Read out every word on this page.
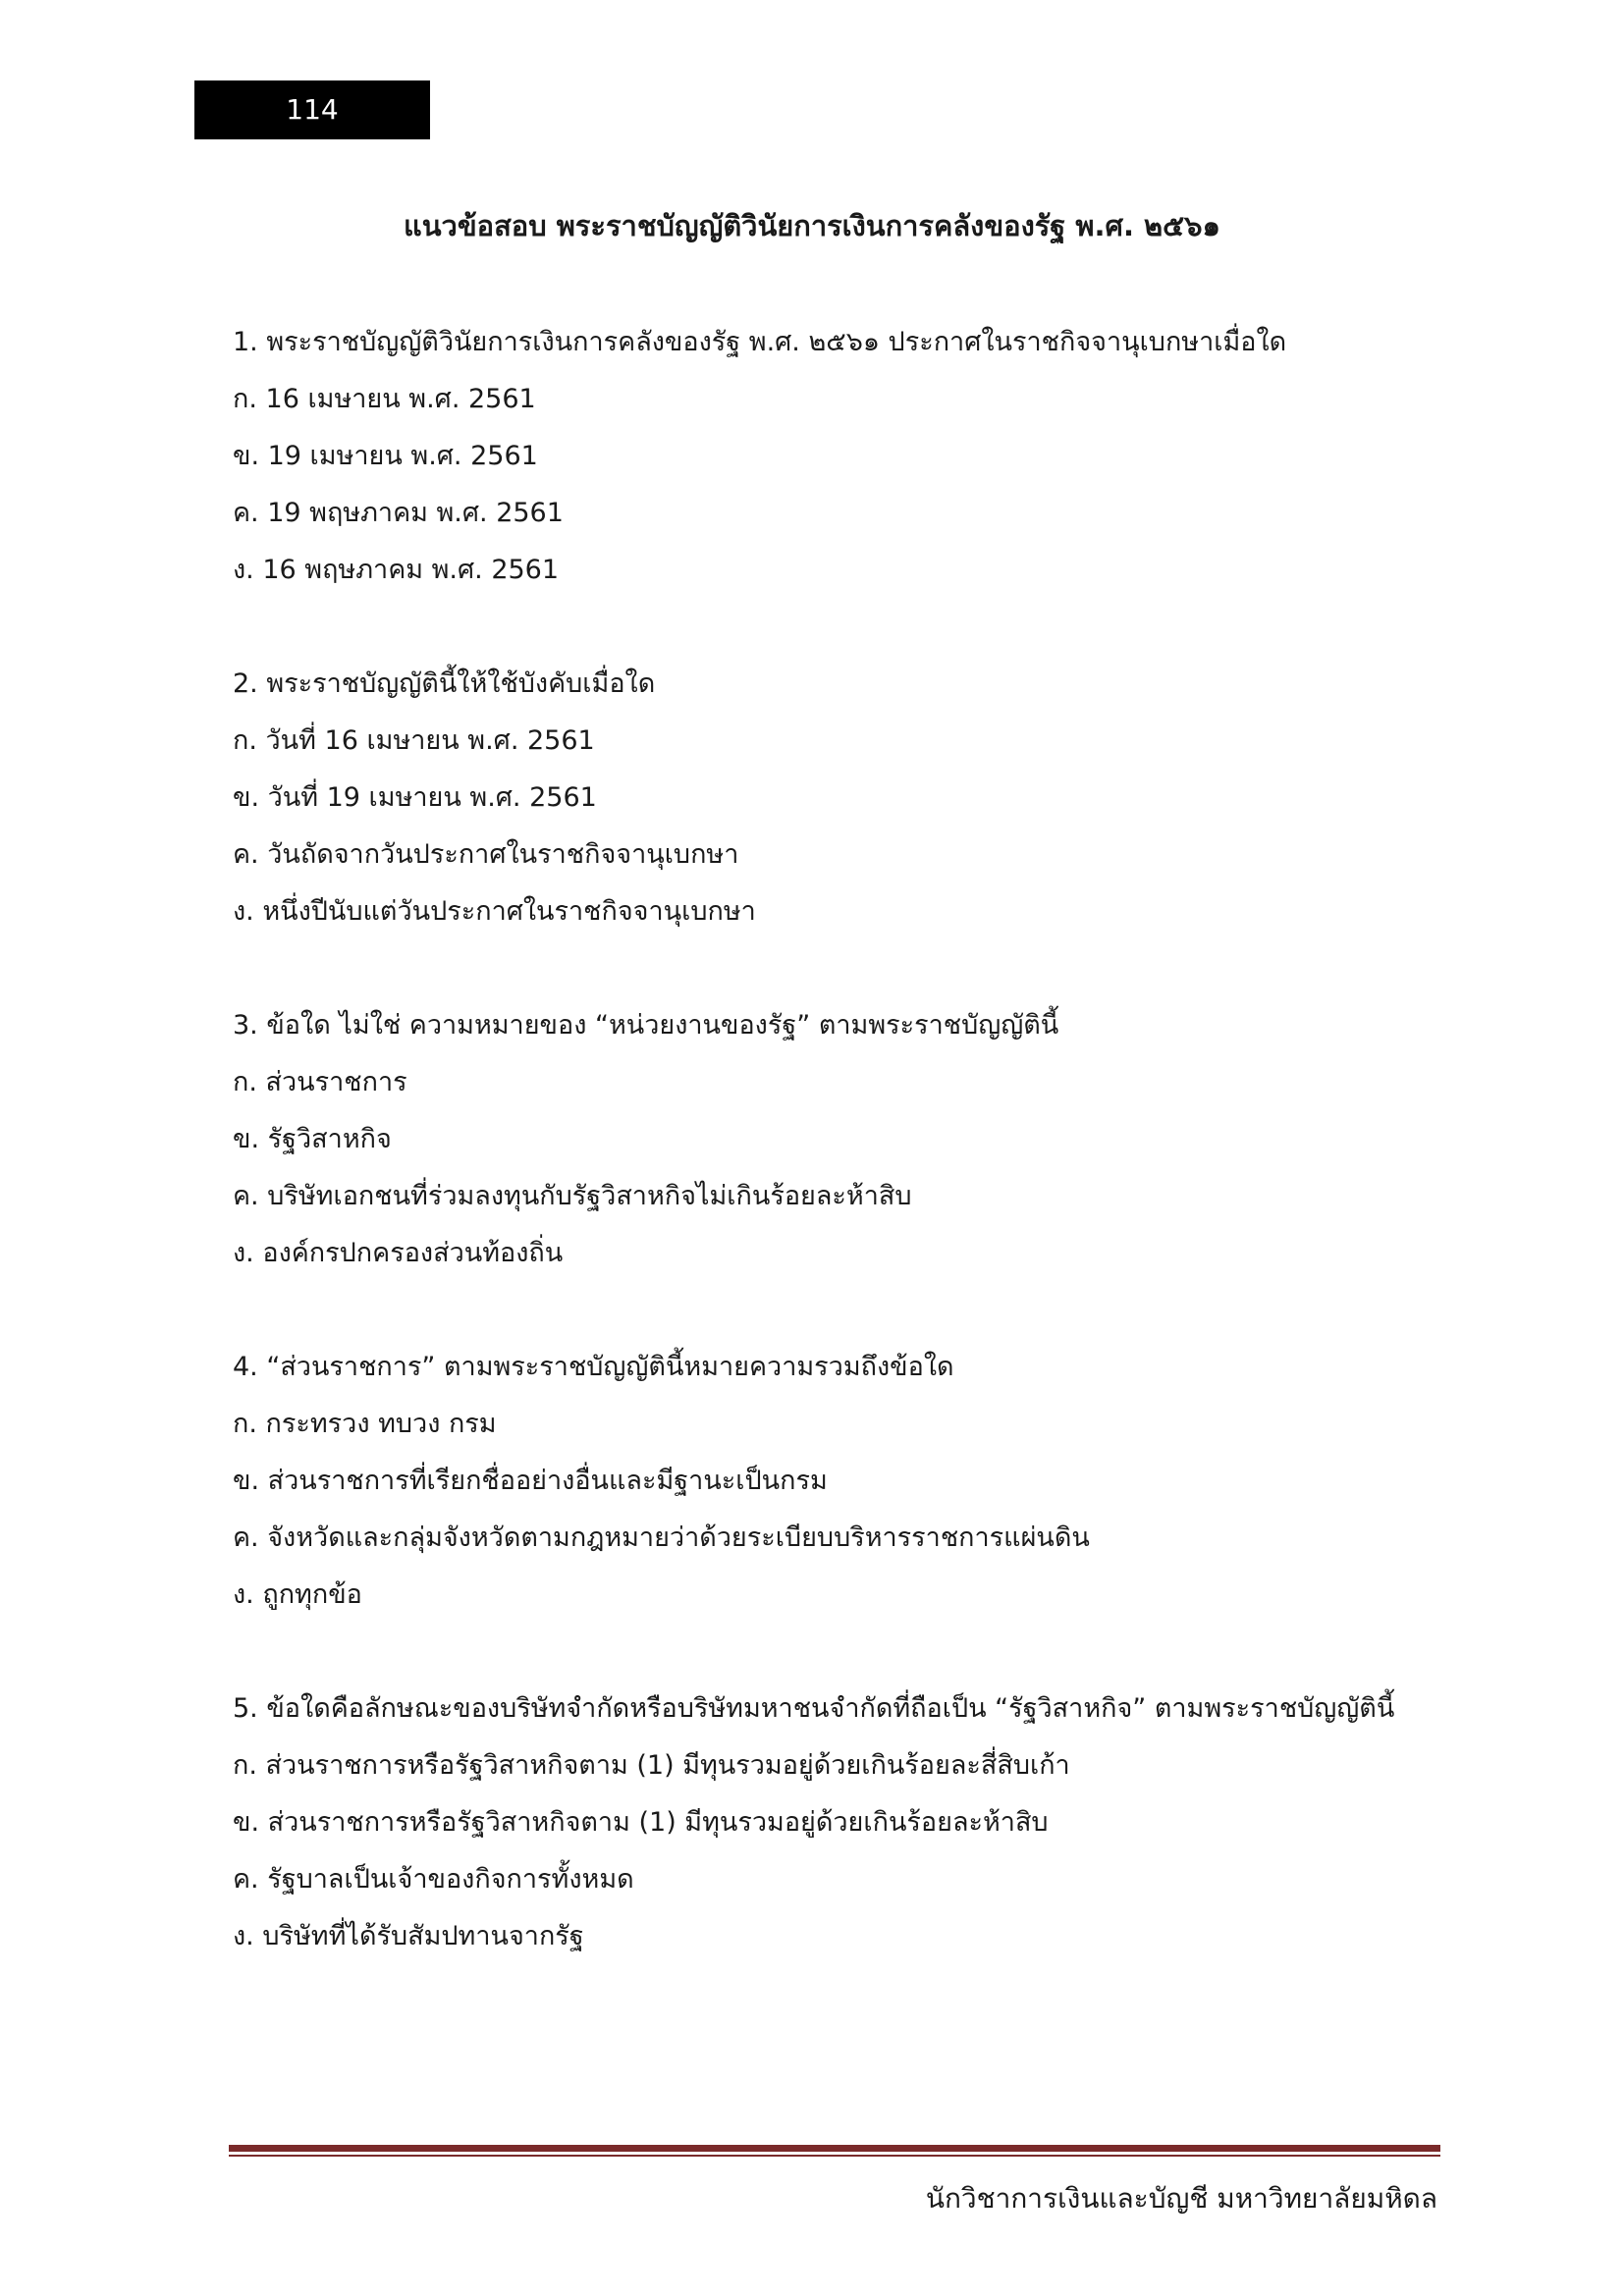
114
แนวข้อสอบ พระราชบัญญัติวินัยการเงินการคลังของรัฐ พ.ศ. ๒๕๖๑
1. พระราชบัญญัติวินัยการเงินการคลังของรัฐ พ.ศ. ๒๕๖๑ ประกาศในราชกิจจานุเบกษาเมื่อใด
ก. 16 เมษายน พ.ศ. 2561
ข. 19 เมษายน พ.ศ. 2561
ค. 19 พฤษภาคม พ.ศ. 2561
ง. 16 พฤษภาคม พ.ศ. 2561
2. พระราชบัญญัตินี้ให้ใช้บังคับเมื่อใด
ก. วันที่ 16 เมษายน พ.ศ. 2561
ข. วันที่ 19 เมษายน พ.ศ. 2561
ค. วันถัดจากวันประกาศในราชกิจจานุเบกษา
ง. หนึ่งปีนับแต่วันประกาศในราชกิจจานุเบกษา
3. ข้อใด ไม่ใช่ ความหมายของ “หน่วยงานของรัฐ” ตามพระราชบัญญัตินี้
ก. ส่วนราชการ
ข. รัฐวิสาหกิจ
ค. บริษัทเอกชนที่ร่วมลงทุนกับรัฐวิสาหกิจไม่เกินร้อยละห้าสิบ
ง. องค์กรปกครองส่วนท้องถิ่น
4. “ส่วนราชการ” ตามพระราชบัญญัตินี้หมายความรวมถึงข้อใด
ก. กระทรวง ทบวง กรม
ข. ส่วนราชการที่เรียกชื่ออย่างอื่นและมีฐานะเป็นกรม
ค. จังหวัดและกลุ่มจังหวัดตามกฎหมายว่าด้วยระเบียบบริหารราชการแผ่นดิน
ง. ถูกทุกข้อ
5. ข้อใดคือลักษณะของบริษัทจำกัดหรือบริษัทมหาชนจำกัดที่ถือเป็น “รัฐวิสาหกิจ” ตามพระราชบัญญัตินี้
ก. ส่วนราชการหรือรัฐวิสาหกิจตาม (1) มีทุนรวมอยู่ด้วยเกินร้อยละสี่สิบเก้า
ข. ส่วนราชการหรือรัฐวิสาหกิจตาม (1) มีทุนรวมอยู่ด้วยเกินร้อยละห้าสิบ
ค. รัฐบาลเป็นเจ้าของกิจการทั้งหมด
ง. บริษัทที่ได้รับสัมปทานจากรัฐ
นักวิชาการเงินและบัญชี มหาวิทยาลัยมหิดล
